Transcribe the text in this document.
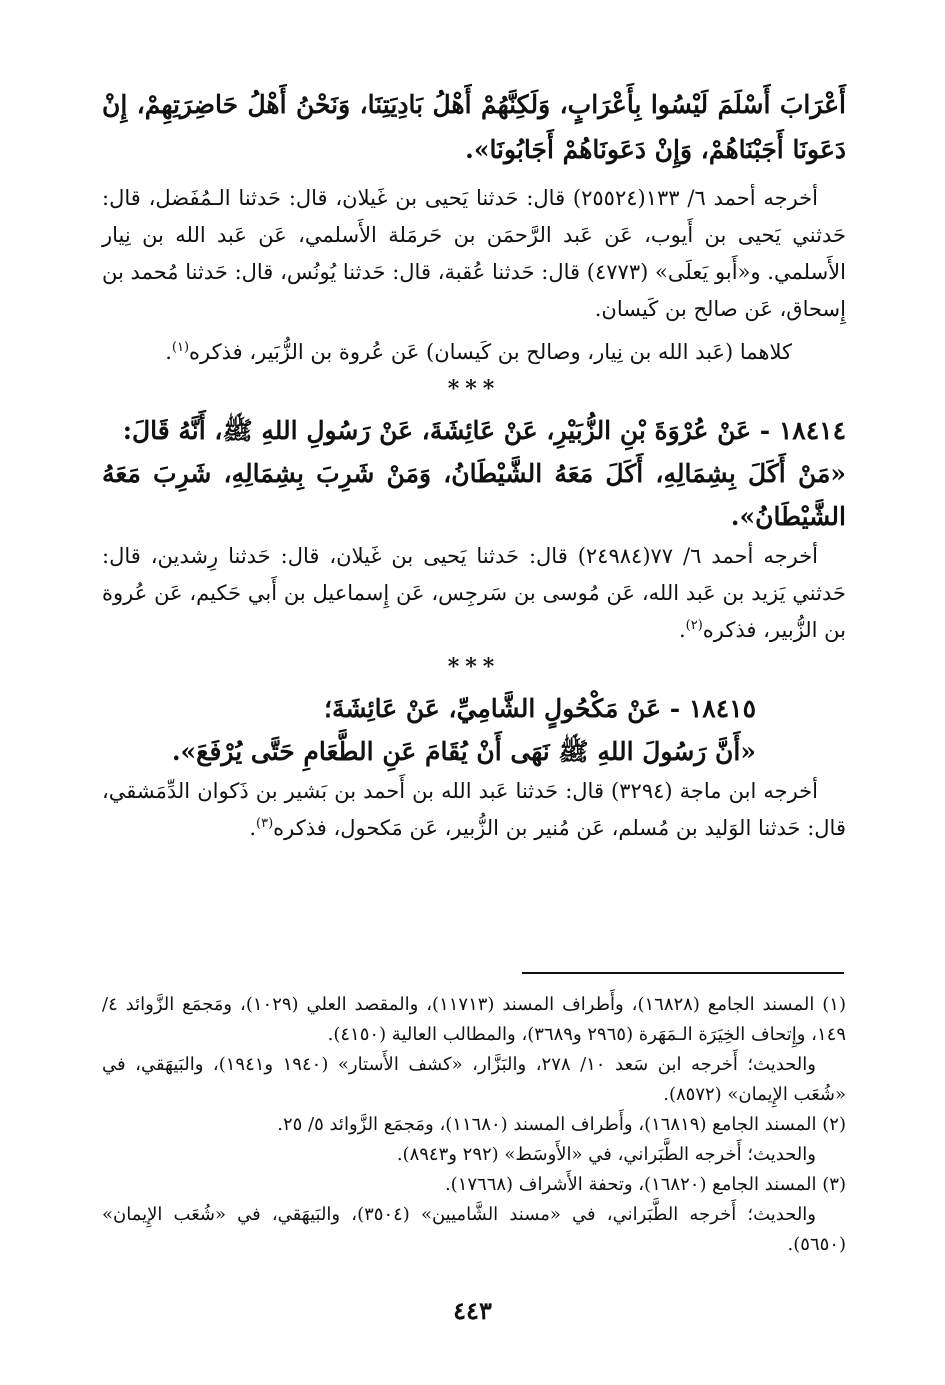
أَعْرَابَ أَسْلَمَ لَيْسُوا بِأَعْرَابٍ، وَلَكِنَّهُمْ أَهْلُ بَادِيَتِنَا، وَنَحْنُ أَهْلُ حَاضِرَتِهِمْ، إِنْ دَعَونَا أَجَبْنَاهُمْ، وَإِنْ دَعَونَاهُمْ أَجَابُونَا».

أخرجه أحمد ٦/ ١٣٣(٢٥٥٢٤) قال: حَدثنا يَحيى بن غَيلان، قال: حَدثنا الـمُفَضل، قال: حَدثني يَحيى بن أَيوب، عَن عَبد الرَّحمَن بن حَرمَلة الأَسلمي، عَن عَبد الله بن نِيار الأَسلمي. و«أَبو يَعلَى» (٤٧٧٣) قال: حَدثنا عُقبة، قال: حَدثنا يُونُس، قال: حَدثنا مُحمد بن إِسحاق، عَن صالح بن كَيسان.

كلاهما (عَبد الله بن نِيار، وصالح بن كَيسان) عَن عُروة بن الزُّبَير، فذكره$^{(١)}$.

***

١٨٤١٤ - عَنْ عُرْوَةَ بْنِ الزُّبَيْرِ، عَنْ عَائِشَةَ، عَنْ رَسُولِ اللهِ ﷺ، أَنَّهُ قَالَ:

«مَنْ أَكَلَ بِشِمَالِهِ، أَكَلَ مَعَهُ الشَّيْطَانُ، وَمَنْ شَرِبَ بِشِمَالِهِ، شَرِبَ مَعَهُ الشَّيْطَانُ».

أخرجه أحمد ٦/ ٧٧(٢٤٩٨٤) قال: حَدثنا يَحيى بن غَيلان، قال: حَدثنا رِشدين، قال: حَدثني يَزيد بن عَبد الله، عَن مُوسى بن سَرجِس، عَن إِسماعيل بن أَبي حَكيم، عَن عُروة بن الزُّبير، فذكره$^{(٢)}$.

***

١٨٤١٥ - عَنْ مَكْحُولٍ الشَّامِيِّ، عَنْ عَائِشَةَ؛

«أَنَّ رَسُولَ اللهِ ﷺ نَهَى أَنْ يُقَامَ عَنِ الطَّعَامِ حَتَّى يُرْفَعَ».

أخرجه ابن ماجة (٣٢٩٤) قال: حَدثنا عَبد الله بن أَحمد بن بَشير بن ذَكوان الدِّمَشقي، قال: حَدثنا الوَليد بن مُسلم، عَن مُنير بن الزُّبير، عَن مَكحول، فذكره$^{(٣)}$.

(١) المسند الجامع (١٦٨٢٨)، وأَطراف المسند (١١٧١٣)، والمقصد العلي (١٠٢٩)، ومَجمَع الزَّوائد ٤/ ١٤٩، وإِتحاف الخِيَرَة الـمَهَرة (٢٩٦٥ و٣٦٨٩)، والمطالب العالية (٤١٥٠).

والحديث؛ أَخرجه ابن سَعد ١٠/ ٢٧٨، والبَزَّار، «كشف الأَستار» (١٩٤٠ و١٩٤١)، والبَيهَقي، في «شُعَب الإِيمان» (٨٥٧٢).

(٢) المسند الجامع (١٦٨١٩)، وأَطراف المسند (١١٦٨٠)، ومَجمَع الزَّوائد ٥/ ٢٥.

والحديث؛ أَخرجه الطَّبَراني، في «الأَوسَط» (٢٩٢ و٨٩٤٣).

(٣) المسند الجامع (١٦٨٢٠)، وتحفة الأَشراف (١٧٦٦٨).

والحديث؛ أَخرجه الطَّبَراني، في «مسند الشَّاميين» (٣٥٠٤)، والبَيهَقي، في «شُعَب الإِيمان» (٥٦٥٠).

٤٤٣
